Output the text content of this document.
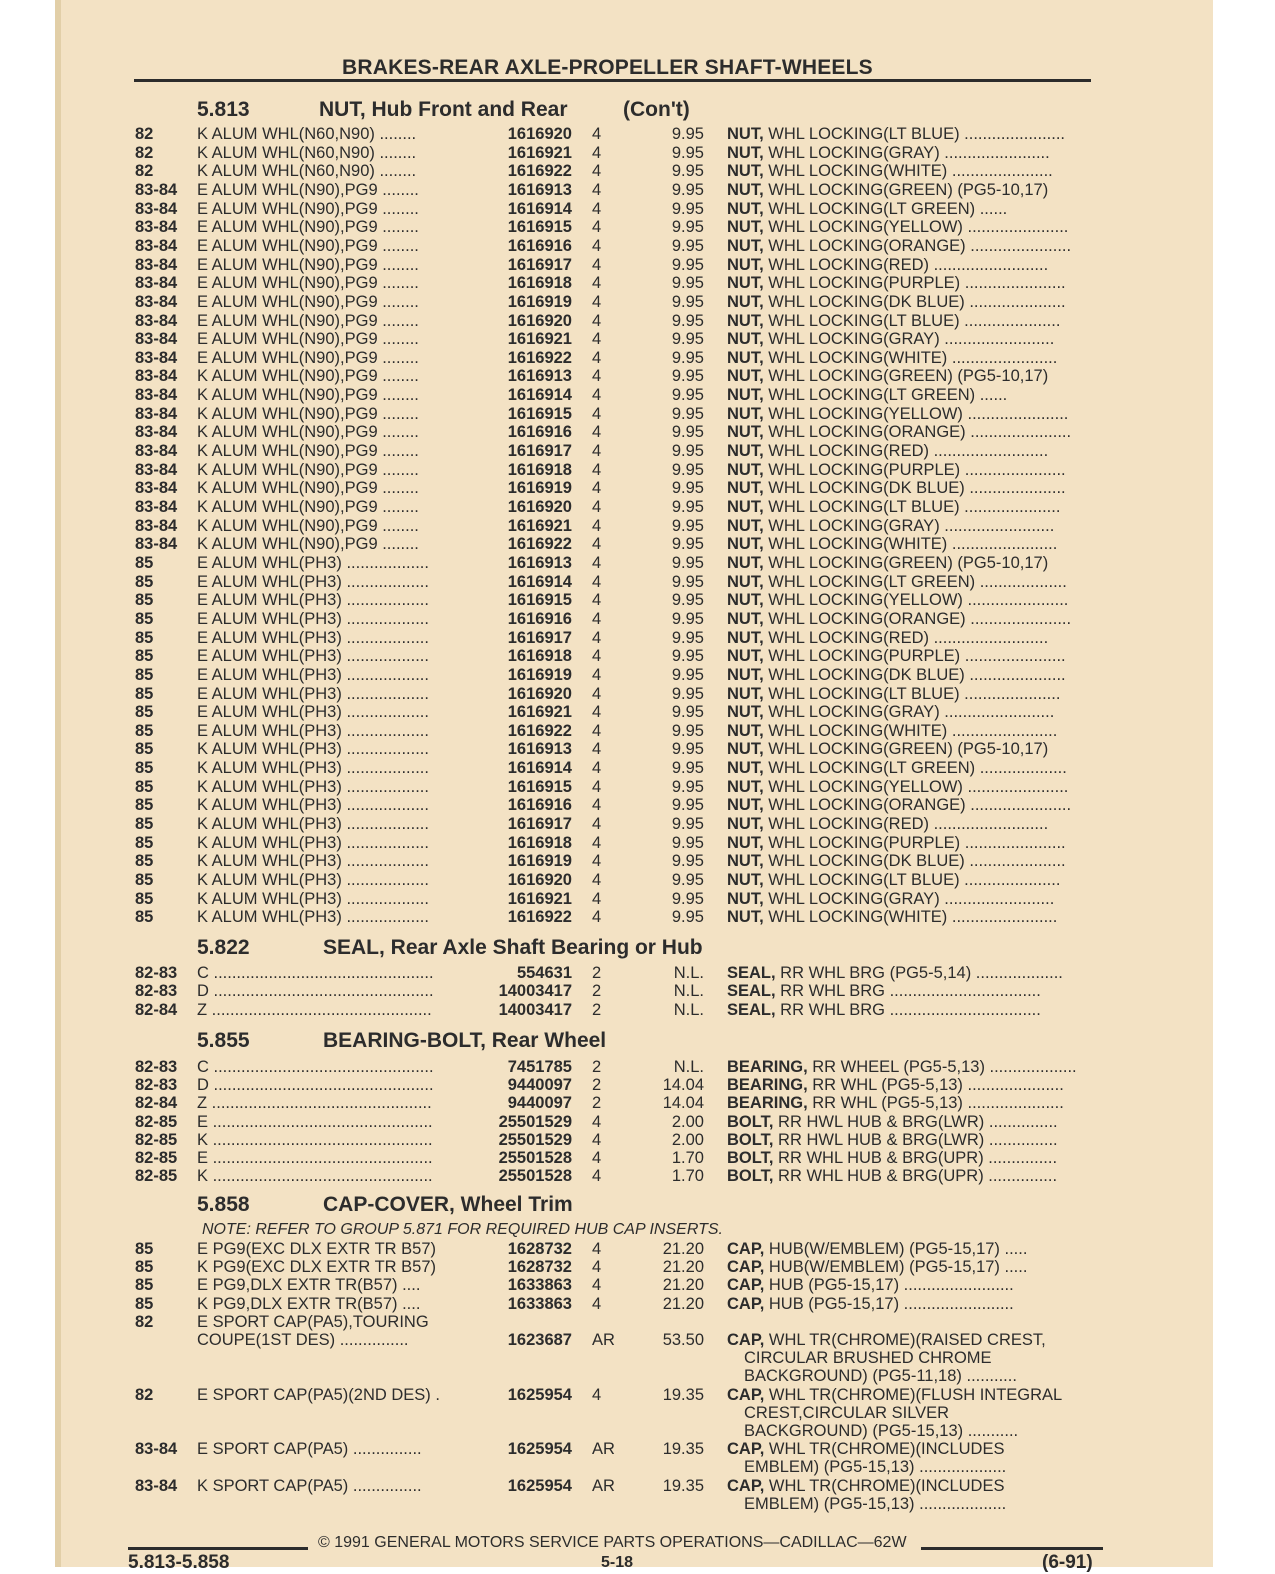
BRAKES-REAR AXLE-PROPELLER SHAFT-WHEELS
5.813	NUT, Hub Front and Rear	(Con't)
82	K ALUM WHL(N60,N90) ........	1616920 4	9.95 NUT, WHL LOCKING(LT BLUE) ......................
82	K ALUM WHL(N60,N90) ........	1616921 4	9.95 NUT, WHL LOCKING(GRAY) .......................
82	K ALUM WHL(N60,N90) ........	1616922 4	9.95 NUT, WHL LOCKING(WHITE) ......................
83-84 E ALUM WHL(N90),PG9 ........	1616913 4	9.95 NUT, WHL LOCKING(GREEN) (PG5-10,17)
83-84 E ALUM WHL(N90),PG9 ........	1616914 4	9.95 NUT, WHL LOCKING(LT GREEN) ......
83-84 E ALUM WHL(N90),PG9 ........	1616915 4	9.95 NUT, WHL LOCKING(YELLOW) ......................
83-84 E ALUM WHL(N90),PG9 ........	1616916 4	9.95 NUT, WHL LOCKING(ORANGE) ......................
83-84 E ALUM WHL(N90),PG9 ........	1616917 4	9.95 NUT, WHL LOCKING(RED) .........................
83-84 E ALUM WHL(N90),PG9 ........	1616918 4	9.95 NUT, WHL LOCKING(PURPLE) ......................
83-84 E ALUM WHL(N90),PG9 ........	1616919 4	9.95 NUT, WHL LOCKING(DK BLUE) .....................
83-84 E ALUM WHL(N90),PG9 ........	1616920 4	9.95 NUT, WHL LOCKING(LT BLUE) .....................
83-84 E ALUM WHL(N90),PG9 ........	1616921 4	9.95 NUT, WHL LOCKING(GRAY) ........................
83-84 E ALUM WHL(N90),PG9 ........	1616922 4	9.95 NUT, WHL LOCKING(WHITE) .......................
83-84 K ALUM WHL(N90),PG9 ........	1616913 4	9.95 NUT, WHL LOCKING(GREEN) (PG5-10,17)
83-84 K ALUM WHL(N90),PG9 ........	1616914 4	9.95 NUT, WHL LOCKING(LT GREEN) ......
83-84 K ALUM WHL(N90),PG9 ........	1616915 4	9.95 NUT, WHL LOCKING(YELLOW) ......................
83-84 K ALUM WHL(N90),PG9 ........	1616916 4	9.95 NUT, WHL LOCKING(ORANGE) ......................
83-84 K ALUM WHL(N90),PG9 ........	1616917 4	9.95 NUT, WHL LOCKING(RED) .........................
83-84 K ALUM WHL(N90),PG9 ........	1616918 4	9.95 NUT, WHL LOCKING(PURPLE) ......................
83-84 K ALUM WHL(N90),PG9 ........	1616919 4	9.95 NUT, WHL LOCKING(DK BLUE) .....................
83-84 K ALUM WHL(N90),PG9 ........	1616920 4	9.95 NUT, WHL LOCKING(LT BLUE) .....................
83-84 K ALUM WHL(N90),PG9 ........	1616921 4	9.95 NUT, WHL LOCKING(GRAY) ........................
83-84 K ALUM WHL(N90),PG9 ........	1616922 4	9.95 NUT, WHL LOCKING(WHITE) .......................
85	E ALUM WHL(PH3) ..................	1616913 4	9.95 NUT, WHL LOCKING(GREEN) (PG5-10,17)
85	E ALUM WHL(PH3) ..................	1616914 4	9.95 NUT, WHL LOCKING(LT GREEN) ...................
85	E ALUM WHL(PH3) ..................	1616915 4	9.95 NUT, WHL LOCKING(YELLOW) ......................
85	E ALUM WHL(PH3) ..................	1616916 4	9.95 NUT, WHL LOCKING(ORANGE) ......................
85	E ALUM WHL(PH3) ..................	1616917 4	9.95 NUT, WHL LOCKING(RED) .........................
85	E ALUM WHL(PH3) ..................	1616918 4	9.95 NUT, WHL LOCKING(PURPLE) ......................
85	E ALUM WHL(PH3) ..................	1616919 4	9.95 NUT, WHL LOCKING(DK BLUE) .....................
85	E ALUM WHL(PH3) ..................	1616920 4	9.95 NUT, WHL LOCKING(LT BLUE) .....................
85	E ALUM WHL(PH3) ..................	1616921 4	9.95 NUT, WHL LOCKING(GRAY) ........................
85	E ALUM WHL(PH3) ..................	1616922 4	9.95 NUT, WHL LOCKING(WHITE) .......................
85	K ALUM WHL(PH3) ..................	1616913 4	9.95 NUT, WHL LOCKING(GREEN) (PG5-10,17)
85	K ALUM WHL(PH3) ..................	1616914 4	9.95 NUT, WHL LOCKING(LT GREEN) ...................
85	K ALUM WHL(PH3) ..................	1616915 4	9.95 NUT, WHL LOCKING(YELLOW) ......................
85	K ALUM WHL(PH3) ..................	1616916 4	9.95 NUT, WHL LOCKING(ORANGE) ......................
85	K ALUM WHL(PH3) ..................	1616917 4	9.95 NUT, WHL LOCKING(RED) .........................
85	K ALUM WHL(PH3) ..................	1616918 4	9.95 NUT, WHL LOCKING(PURPLE) ......................
85	K ALUM WHL(PH3) ..................	1616919 4	9.95 NUT, WHL LOCKING(DK BLUE) .....................
85	K ALUM WHL(PH3) ..................	1616920 4	9.95 NUT, WHL LOCKING(LT BLUE) .....................
85	K ALUM WHL(PH3) ..................	1616921 4	9.95 NUT, WHL LOCKING(GRAY) ........................
85	K ALUM WHL(PH3) ..................	1616922 4	9.95 NUT, WHL LOCKING(WHITE) .......................
5.822	SEAL, Rear Axle Shaft Bearing or Hub
82-83 C ................................................	554631 2	N.L. SEAL, RR WHL BRG (PG5-5,14) ...................
82-83 D ................................................	14003417 2	N.L. SEAL, RR WHL BRG .................................
82-84 Z ................................................	14003417 2	N.L. SEAL, RR WHL BRG .................................
5.855	BEARING-BOLT, Rear Wheel
82-83 C ................................................	7451785 2	N.L. BEARING, RR WHEEL (PG5-5,13) ...................
82-83 D ................................................	9440097 2	14.04 BEARING, RR WHL (PG5-5,13) .....................
82-84 Z ................................................	9440097 2	14.04 BEARING, RR WHL (PG5-5,13) .....................
82-85 E ................................................	25501529 4	2.00 BOLT, RR HWL HUB & BRG(LWR) ...............
82-85 K ................................................	25501529 4	2.00 BOLT, RR HWL HUB & BRG(LWR) ...............
82-85 E ................................................	25501528 4	1.70 BOLT, RR WHL HUB & BRG(UPR) ...............
82-85 K ................................................	25501528 4	1.70 BOLT, RR WHL HUB & BRG(UPR) ...............
5.858	CAP-COVER, Wheel Trim
85	E PG9(EXC DLX EXTR TR B57)	1628732 4	21.20 CAP, HUB(W/EMBLEM) (PG5-15,17) .....
85	K PG9(EXC DLX EXTR TR B57)	1628732 4	21.20 CAP, HUB(W/EMBLEM) (PG5-15,17) .....
85	E PG9,DLX EXTR TR(B57) ....	1633863 4	21.20 CAP, HUB (PG5-15,17) ........................
85	K PG9,DLX EXTR TR(B57) ....	1633863 4	21.20 CAP, HUB (PG5-15,17) ........................
82	E SPORT CAP(PA5),TOURING
COUPE(1ST DES) ...............	1623687 AR	53.50 CAP, WHL TR(CHROME)(RAISED CREST,
CIRCULAR BRUSHED CHROME
BACKGROUND) (PG5-11,18) ...........
82	E SPORT CAP(PA5)(2ND DES) .	1625954 4	19.35 CAP, WHL TR(CHROME)(FLUSH INTEGRAL
CREST,CIRCULAR SILVER
BACKGROUND) (PG5-15,13) ...........
83-84 E SPORT CAP(PA5) ...............	1625954 AR	19.35 CAP, WHL TR(CHROME)(INCLUDES
EMBLEM) (PG5-15,13) ...................
83-84 K SPORT CAP(PA5) ...............	1625954 AR	19.35 CAP, WHL TR(CHROME)(INCLUDES
EMBLEM) (PG5-15,13) ...................
NOTE: REFER TO GROUP 5.871 FOR REQUIRED HUB CAP INSERTS.
© 1991 GENERAL MOTORS SERVICE PARTS OPERATIONS—CADILLAC—62W
5.813-5.858	5-18	(6-91)
